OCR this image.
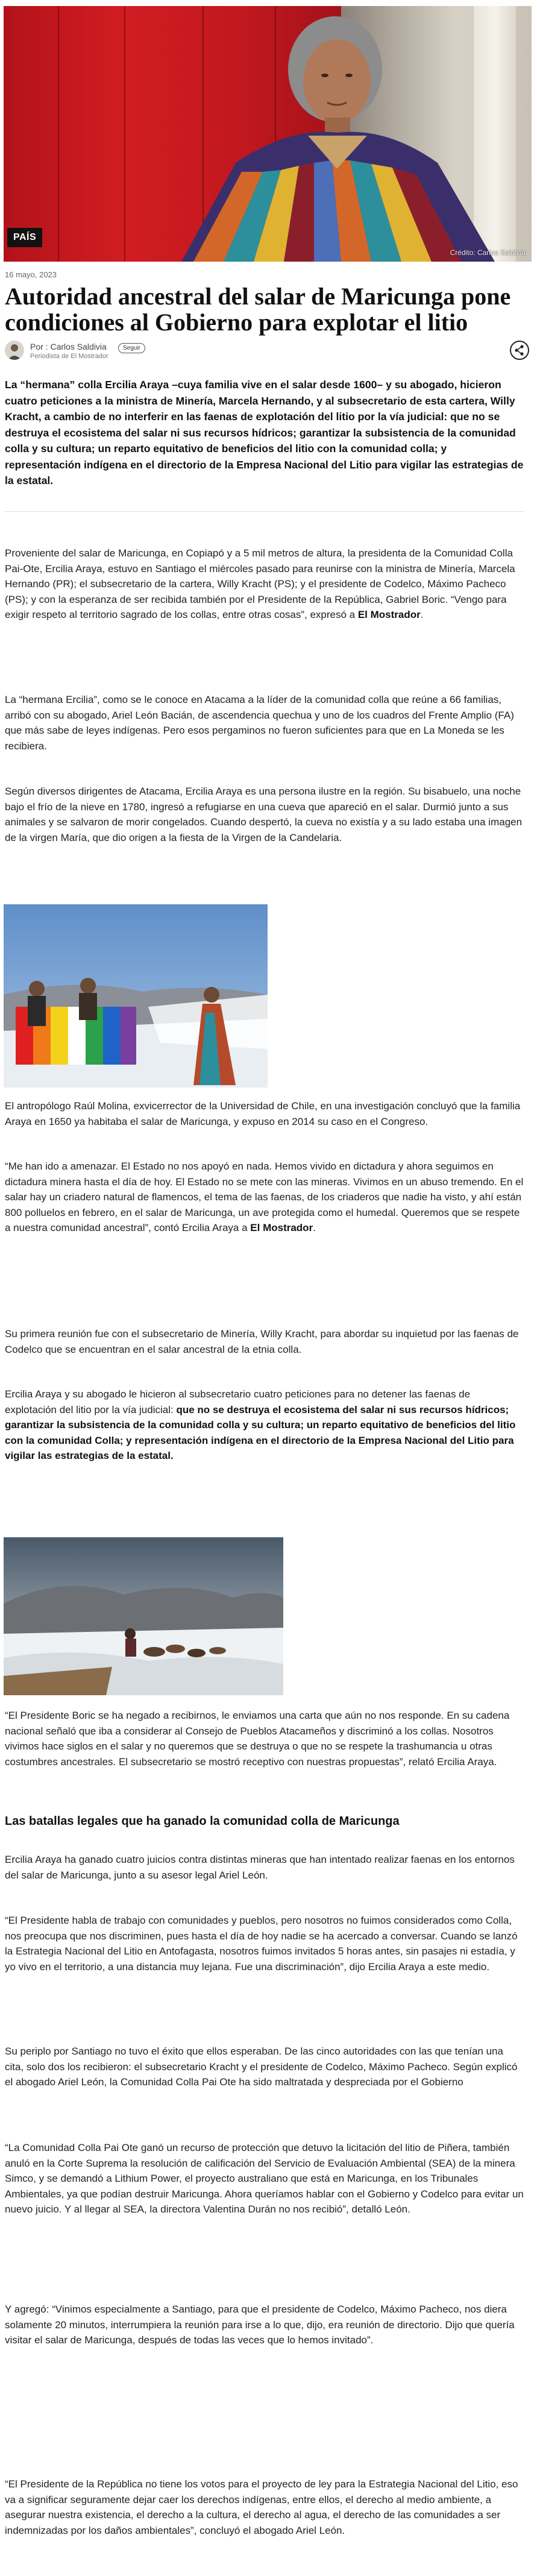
PAÍS
Crédito: Carlos Saldivia
16 mayo, 2023
Autoridad ancestral del salar de Maricunga pone condiciones al Gobierno para explotar el litio
Por : Carlos Saldivia
Periodista de El Mostrador
Seguir

La “hermana” colla Ercilia Araya –cuya familia vive en el salar desde 1600– y su abogado, hicieron cuatro peticiones a la ministra de Minería, Marcela Hernando, y al subsecretario de esta cartera, Willy Kracht, a cambio de no interferir en las faenas de explotación del litio por la vía judicial: que no se destruya el ecosistema del salar ni sus recursos hídricos; garantizar la subsistencia de la comunidad colla y su cultura; un reparto equitativo de beneficios del litio con la comunidad colla; y representación indígena en el directorio de la Empresa Nacional del Litio para vigilar las estrategias de la estatal.

Proveniente del salar de Maricunga, en Copiapó y a 5 mil metros de altura, la presidenta de la Comunidad Colla Pai-Ote, Ercilia Araya, estuvo en Santiago el miércoles pasado para reunirse con la ministra de Minería, Marcela Hernando (PR); el subsecretario de la cartera, Willy Kracht (PS); y el presidente de Codelco, Máximo Pacheco (PS); y con la esperanza de ser recibida también por el Presidente de la República, Gabriel Boric. “Vengo para exigir respeto al territorio sagrado de los collas, entre otras cosas”, expresó a El Mostrador.

La “hermana Ercilia”, como se le conoce en Atacama a la líder de la comunidad colla que reúne a 66 familias, arribó con su abogado, Ariel León Bacián, de ascendencia quechua y uno de los cuadros del Frente Amplio (FA) que más sabe de leyes indígenas. Pero esos pergaminos no fueron suficientes para que en La Moneda se les recibiera.

Según diversos dirigentes de Atacama, Ercilia Araya es una persona ilustre en la región. Su bisabuelo, una noche bajo el frío de la nieve en 1780, ingresó a refugiarse en una cueva que apareció en el salar. Durmió junto a sus animales y se salvaron de morir congelados. Cuando despertó, la cueva no existía y a su lado estaba una imagen de la virgen María, que dio origen a la fiesta de la Virgen de la Candelaria.

El antropólogo Raúl Molina, exvicerrector de la Universidad de Chile, en una investigación concluyó que la familia Araya en 1650 ya habitaba el salar de Maricunga, y expuso en 2014 su caso en el Congreso.

“Me han ido a amenazar. El Estado no nos apoyó en nada. Hemos vivido en dictadura y ahora seguimos en dictadura minera hasta el día de hoy. El Estado no se mete con las mineras. Vivimos en un abuso tremendo. En el salar hay un criadero natural de flamencos, el tema de las faenas, de los criaderos que nadie ha visto, y ahí están 800 polluelos en febrero, en el salar de Maricunga, un ave protegida como el humedal. Queremos que se respete a nuestra comunidad ancestral”, contó Ercilia Araya a El Mostrador.

Su primera reunión fue con el subsecretario de Minería, Willy Kracht, para abordar su inquietud por las faenas de Codelco que se encuentran en el salar ancestral de la etnia colla.

Ercilia Araya y su abogado le hicieron al subsecretario cuatro peticiones para no detener las faenas de explotación del litio por la vía judicial: que no se destruya el ecosistema del salar ni sus recursos hídricos; garantizar la subsistencia de la comunidad colla y su cultura; un reparto equitativo de beneficios del litio con la comunidad Colla; y representación indígena en el directorio de la Empresa Nacional del Litio para vigilar las estrategias de la estatal.

“El Presidente Boric se ha negado a recibirnos, le enviamos una carta que aún no nos responde. En su cadena nacional señaló que iba a considerar al Consejo de Pueblos Atacameños y discriminó a los collas. Nosotros vivimos hace siglos en el salar y no queremos que se destruya o que no se respete la trashumancia u otras costumbres ancestrales. El subsecretario se mostró receptivo con nuestras propuestas”, relató Ercilia Araya.

Las batallas legales que ha ganado la comunidad colla de Maricunga

Ercilia Araya ha ganado cuatro juicios contra distintas mineras que han intentado realizar faenas en los entornos del salar de Maricunga, junto a su asesor legal Ariel León.

“El Presidente habla de trabajo con comunidades y pueblos, pero nosotros no fuimos considerados como Colla, nos preocupa que nos discriminen, pues hasta el día de hoy nadie se ha acercado a conversar. Cuando se lanzó la Estrategia Nacional del Litio en Antofagasta, nosotros fuimos invitados 5 horas antes, sin pasajes ni estadía, y yo vivo en el territorio, a una distancia muy lejana. Fue una discriminación”, dijo Ercilia Araya a este medio.

Su periplo por Santiago no tuvo el éxito que ellos esperaban. De las cinco autoridades con las que tenían una cita, solo dos los recibieron: el subsecretario Kracht y el presidente de Codelco, Máximo Pacheco. Según explicó el abogado Ariel León, la Comunidad Colla Pai Ote ha sido maltratada y despreciada por el Gobierno

“La Comunidad Colla Pai Ote ganó un recurso de protección que detuvo la licitación del litio de Piñera, también anuló en la Corte Suprema la resolución de calificación del Servicio de Evaluación Ambiental (SEA) de la minera Simco, y se demandó a Lithium Power, el proyecto australiano que está en Maricunga, en los Tribunales Ambientales, ya que podían destruir Maricunga. Ahora queríamos hablar con el Gobierno y Codelco para evitar un nuevo juicio. Y al llegar al SEA, la directora Valentina Durán no nos recibió”, detalló León.

Y agregó: “Vinimos especialmente a Santiago, para que el presidente de Codelco, Máximo Pacheco, nos diera solamente 20 minutos, interrumpiera la reunión para irse a lo que, dijo, era reunión de directorio. Dijo que quería visitar el salar de Maricunga, después de todas las veces que lo hemos invitado”.

“El Presidente de la República no tiene los votos para el proyecto de ley para la Estrategia Nacional del Litio, eso va a significar seguramente dejar caer los derechos indígenas, entre ellos, el derecho al medio ambiente, a asegurar nuestra existencia, el derecho a la cultura, el derecho al agua, el derecho de las comunidades a ser indemnizadas por los daños ambientales”, concluyó el abogado Ariel León.
